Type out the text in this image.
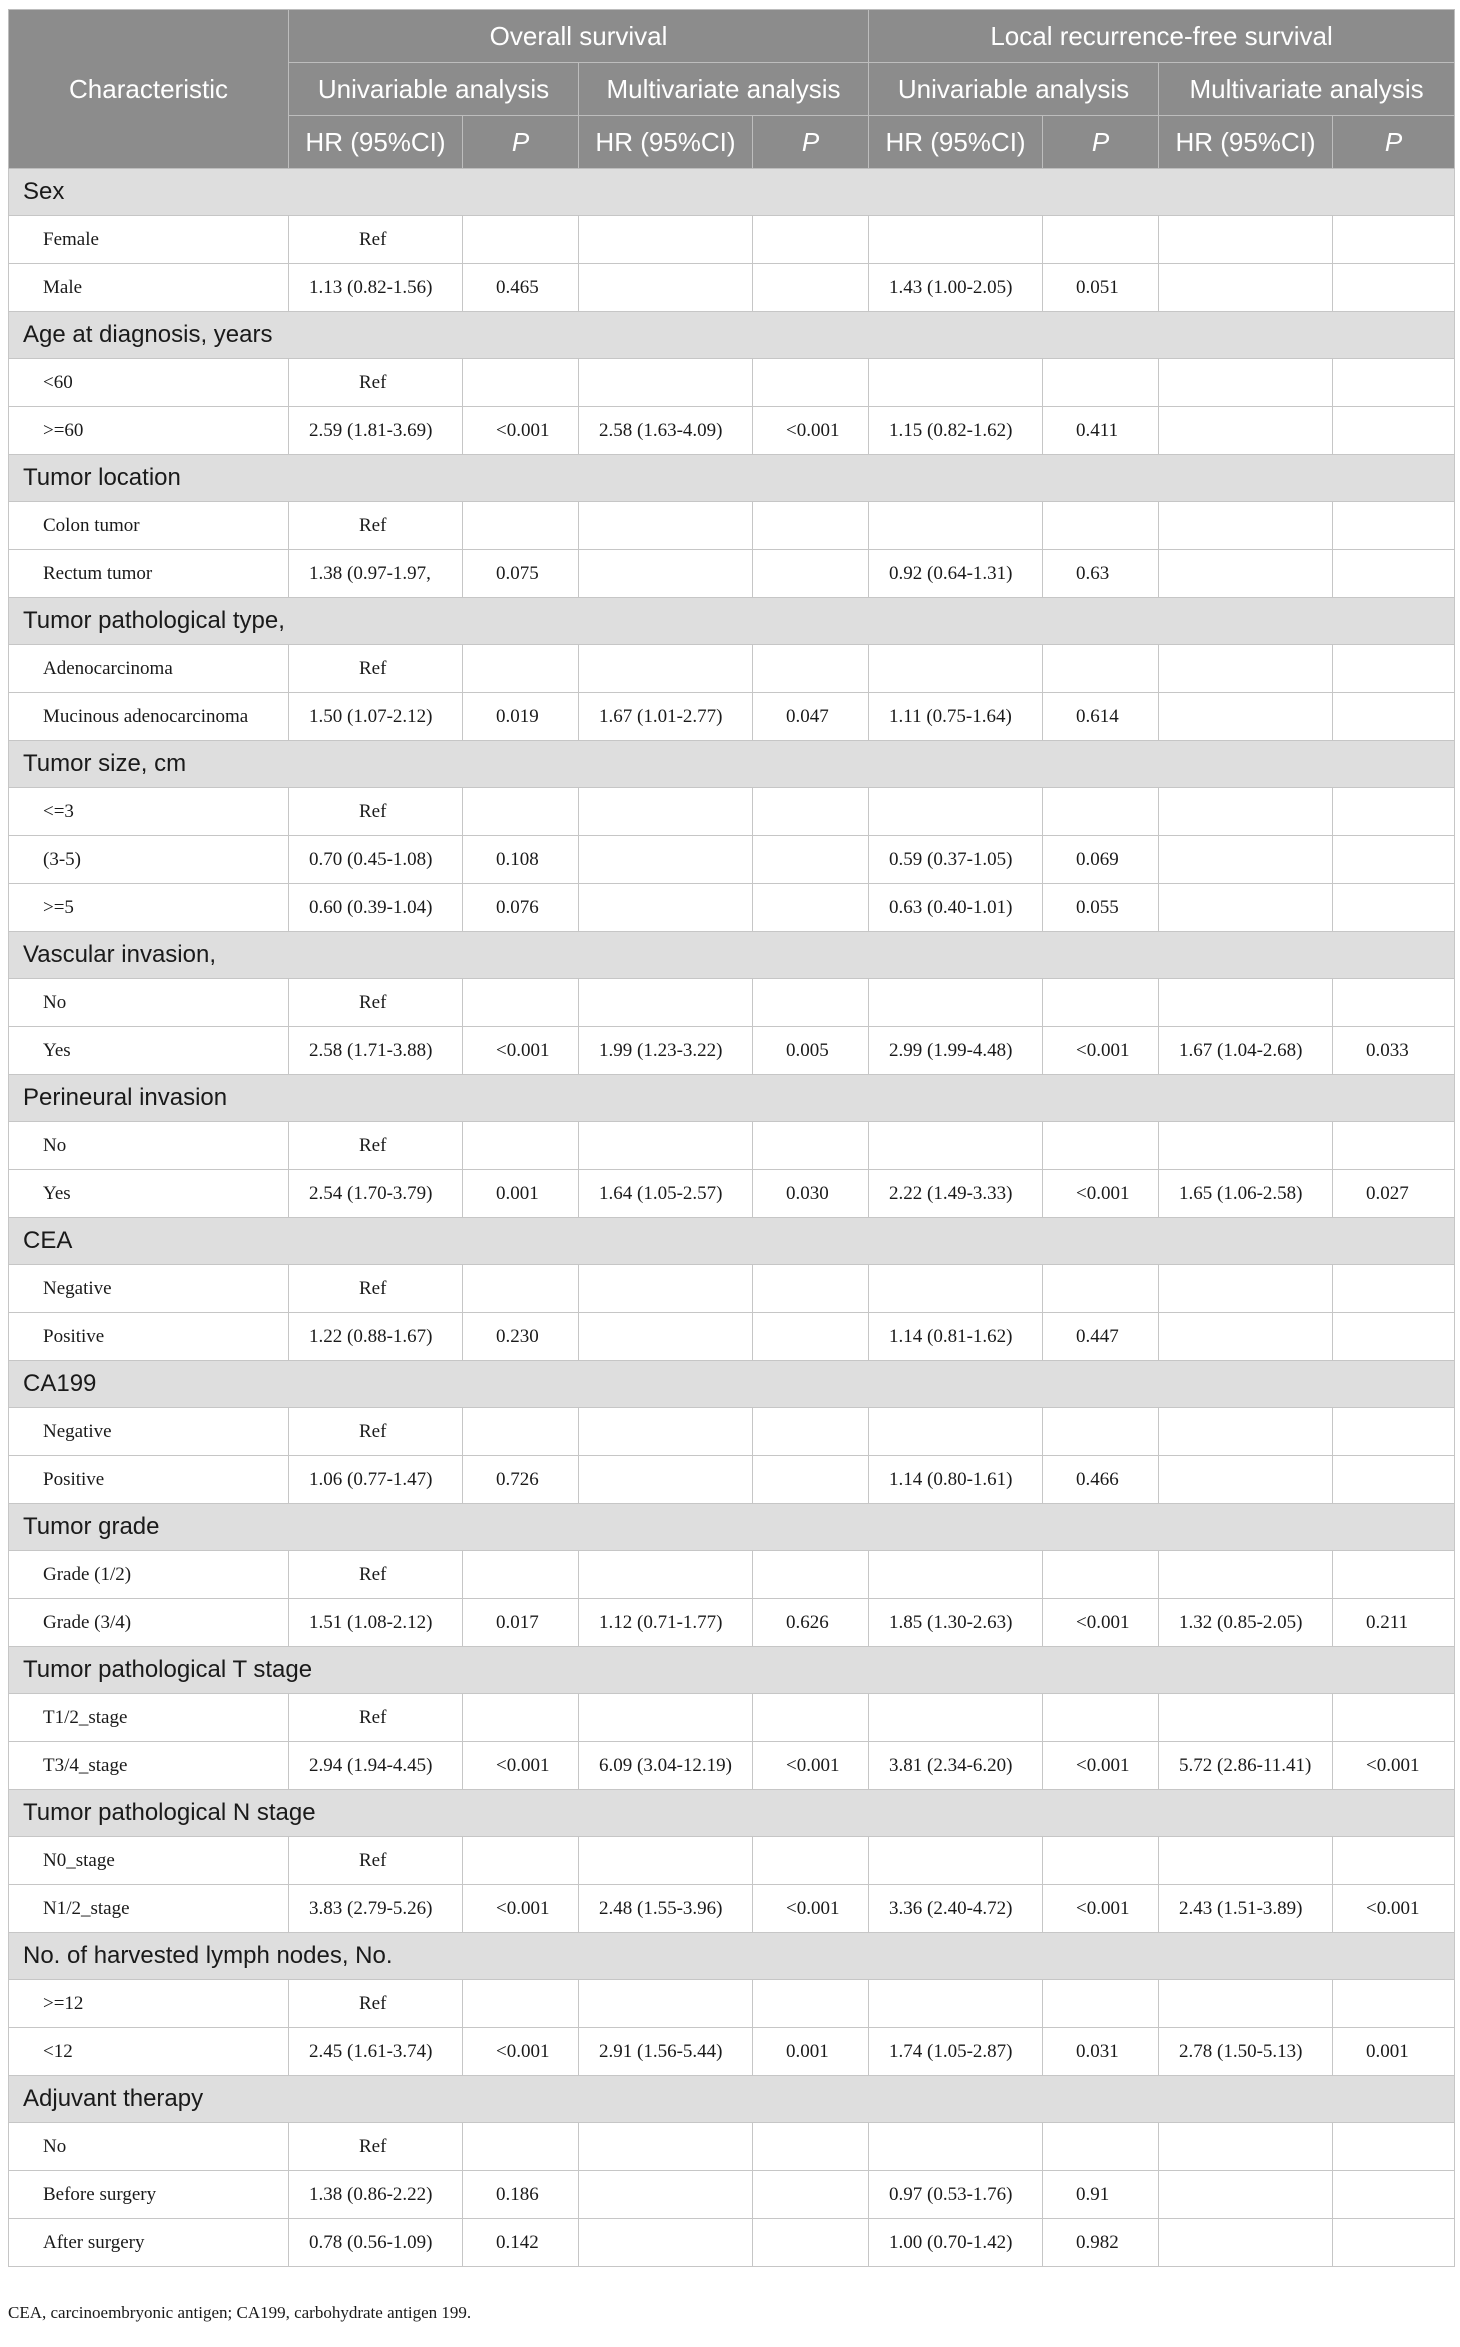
Characteristic	Overall survival				Local recurrence-free survival			
	Univariable analysis		Multivariate analysis		Univariable analysis		Multivariate analysis	
	HR (95%CI)	P	HR (95%CI)	P	HR (95%CI)	P	HR (95%CI)	P
Sex								
Female	Ref							
Male	1.13 (0.82-1.56)	0.465			1.43 (1.00-2.05)	0.051		
Age at diagnosis, years								
<60	Ref							
>=60	2.59 (1.81-3.69)	<0.001	2.58 (1.63-4.09)	<0.001	1.15 (0.82-1.62)	0.411		
Tumor location								
Colon tumor	Ref							
Rectum tumor	1.38 (0.97-1.97,	0.075			0.92 (0.64-1.31)	0.63		
Tumor pathological type,								
Adenocarcinoma	Ref							
Mucinous adenocarcinoma	1.50 (1.07-2.12)	0.019	1.67 (1.01-2.77)	0.047	1.11 (0.75-1.64)	0.614		
Tumor size, cm								
<=3	Ref							
(3-5)	0.70 (0.45-1.08)	0.108			0.59 (0.37-1.05)	0.069		
>=5	0.60 (0.39-1.04)	0.076			0.63 (0.40-1.01)	0.055		
Vascular invasion,								
No	Ref							
Yes	2.58 (1.71-3.88)	<0.001	1.99 (1.23-3.22)	0.005	2.99 (1.99-4.48)	<0.001	1.67 (1.04-2.68)	0.033
Perineural invasion								
No	Ref							
Yes	2.54 (1.70-3.79)	0.001	1.64 (1.05-2.57)	0.030	2.22 (1.49-3.33)	<0.001	1.65 (1.06-2.58)	0.027
CEA								
Negative	Ref							
Positive	1.22 (0.88-1.67)	0.230			1.14 (0.81-1.62)	0.447		
CA199								
Negative	Ref							
Positive	1.06 (0.77-1.47)	0.726			1.14 (0.80-1.61)	0.466		
Tumor grade								
Grade (1/2)	Ref							
Grade (3/4)	1.51 (1.08-2.12)	0.017	1.12 (0.71-1.77)	0.626	1.85 (1.30-2.63)	<0.001	1.32 (0.85-2.05)	0.211
Tumor pathological T stage								
T1/2_stage	Ref							
T3/4_stage	2.94 (1.94-4.45)	<0.001	6.09 (3.04-12.19)	<0.001	3.81 (2.34-6.20)	<0.001	5.72 (2.86-11.41)	<0.001
Tumor pathological N stage								
N0_stage	Ref							
N1/2_stage	3.83 (2.79-5.26)	<0.001	2.48 (1.55-3.96)	<0.001	3.36 (2.40-4.72)	<0.001	2.43 (1.51-3.89)	<0.001
No. of harvested lymph nodes, No.								
>=12	Ref							
<12	2.45 (1.61-3.74)	<0.001	2.91 (1.56-5.44)	0.001	1.74 (1.05-2.87)	0.031	2.78 (1.50-5.13)	0.001
Adjuvant therapy								
No	Ref							
Before surgery	1.38 (0.86-2.22)	0.186			0.97 (0.53-1.76)	0.91		
After surgery	0.78 (0.56-1.09)	0.142			1.00 (0.70-1.42)	0.982		
CEA, carcinoembryonic antigen; CA199, carbohydrate antigen 199.
